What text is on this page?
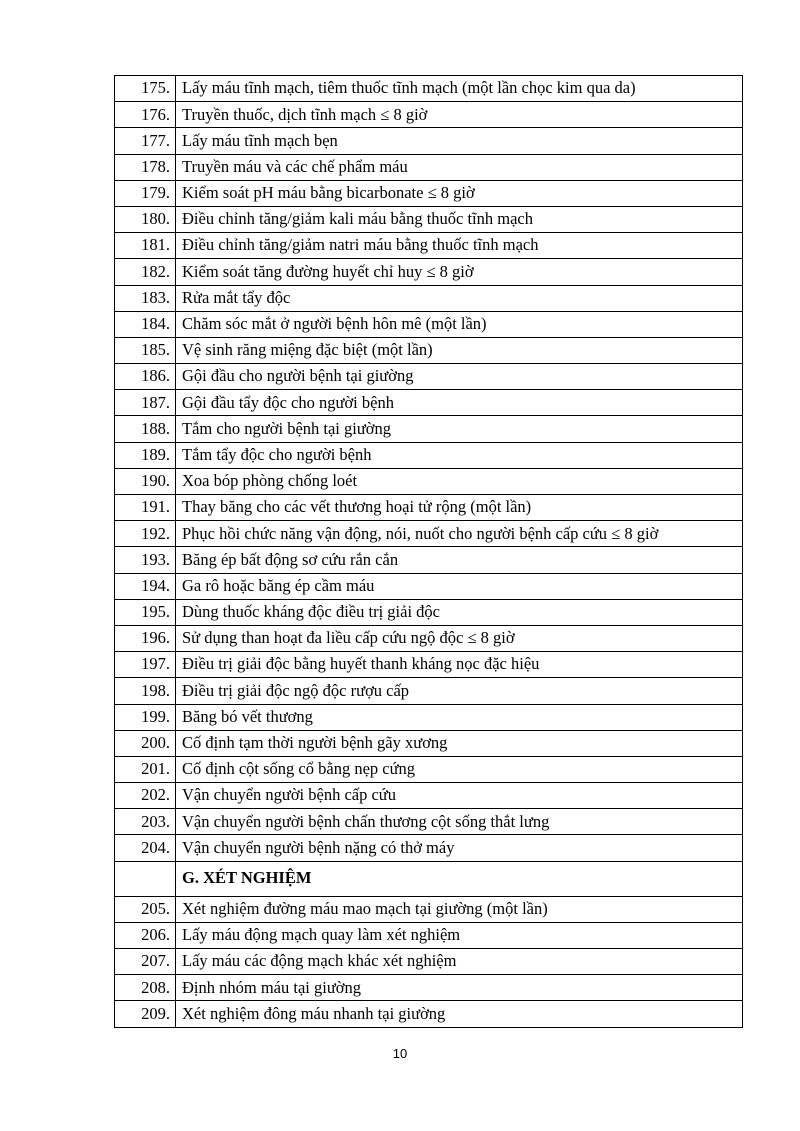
175.	Lấy máu tĩnh mạch, tiêm thuốc tĩnh mạch (một lần chọc kim qua da)
176.	Truyền thuốc, dịch tĩnh mạch ≤ 8 giờ
177.	Lấy máu tĩnh mạch bẹn
178.	Truyền máu và các chế phẩm máu
179.	Kiểm soát pH máu bằng bicarbonate ≤ 8 giờ
180.	Điều chỉnh tăng/giảm kali máu bằng thuốc tĩnh mạch
181.	Điều chỉnh tăng/giảm natri máu bằng thuốc tĩnh mạch
182.	Kiểm soát tăng đường huyết chỉ huy ≤ 8 giờ
183.	Rửa mắt tẩy độc
184.	Chăm sóc mắt ở người bệnh hôn mê (một lần)
185.	Vệ sinh răng miệng đặc biệt (một lần)
186.	Gội đầu cho người bệnh tại giường
187.	Gội đầu tẩy độc cho người bệnh
188.	Tắm cho người bệnh tại giường
189.	Tắm tẩy độc cho người bệnh
190.	Xoa bóp phòng chống loét
191.	Thay băng cho các vết thương hoại tử rộng (một lần)
192.	Phục hồi chức năng vận động, nói, nuốt cho người bệnh cấp cứu ≤ 8 giờ
193.	Băng ép bất động sơ cứu rắn cắn
194.	Ga rô hoặc băng ép cầm máu
195.	Dùng thuốc kháng độc điều trị giải độc
196.	Sử dụng than hoạt đa liều cấp cứu ngộ độc ≤ 8 giờ
197.	Điều trị giải độc bằng huyết thanh kháng nọc đặc hiệu
198.	Điều trị giải độc ngộ độc rượu cấp
199.	Băng bó vết thương
200.	Cố định tạm thời người bệnh gãy xương
201.	Cố định cột sống cổ bằng nẹp cứng
202.	Vận chuyển người bệnh cấp cứu
203.	Vận chuyển người bệnh chấn thương cột sống thắt lưng
204.	Vận chuyển người bệnh nặng có thở máy
	G. XÉT NGHIỆM
205.	Xét nghiệm đường máu mao mạch tại giường (một lần)
206.	Lấy máu động mạch quay làm xét nghiệm
207.	Lấy máu các động mạch khác xét nghiệm
208.	Định nhóm máu tại giường
209.	Xét nghiệm đông máu nhanh tại giường
10
